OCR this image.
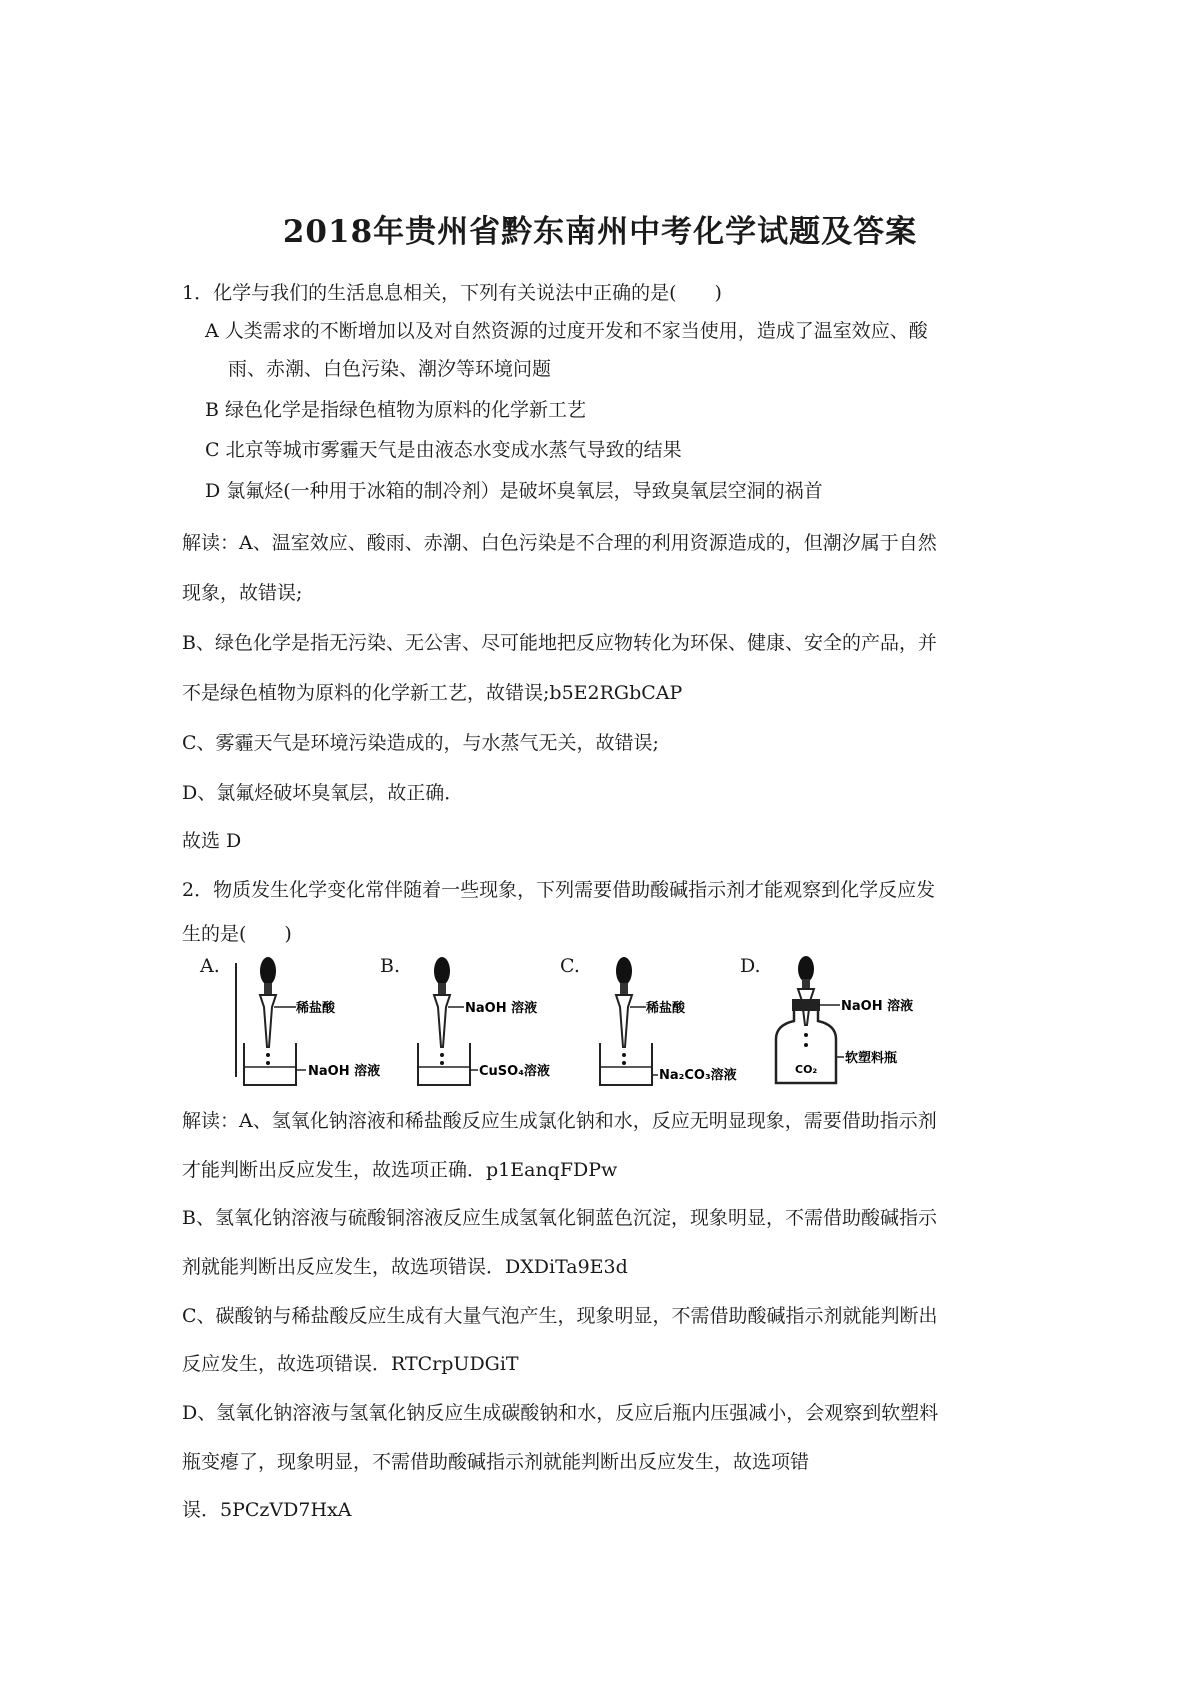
2018年贵州省黔东南州中考化学试题及答案
1．化学与我们的生活息息相关，下列有关说法中正确的是(　　)
A 人类需求的不断增加以及对自然资源的过度开发和不家当使用，造成了温室效应、酸
雨、赤潮、白色污染、潮汐等环境问题
B 绿色化学是指绿色植物为原料的化学新工艺
C 北京等城市雾霾天气是由液态水变成水蒸气导致的结果
D 氯氟烃(一种用于冰箱的制冷剂）是破坏臭氧层，导致臭氧层空洞的祸首
解读：A、温室效应、酸雨、赤潮、白色污染是不合理的利用资源造成的，但潮汐属于自然
现象，故错误;
B、绿色化学是指无污染、无公害、尽可能地把反应物转化为环保、健康、安全的产品，并
不是绿色植物为原料的化学新工艺，故错误;b5E2RGbCAP
C、雾霾天气是环境污染造成的，与水蒸气无关，故错误;
D、氯氟烃破坏臭氧层，故正确．
故选 D
2．物质发生化学变化常伴随着一些现象，下列需要借助酸碱指示剂才能观察到化学反应发
生的是(　　)
A.
稀盐酸
NaOH 溶液
B.
NaOH 溶液
CuSO₄溶液
C.
稀盐酸
Na₂CO₃溶液
D.
NaOH 溶液
软塑料瓶
CO₂
解读：A、氢氧化钠溶液和稀盐酸反应生成氯化钠和水，反应无明显现象，需要借助指示剂
才能判断出反应发生，故选项正确．p1EanqFDPw
B、氢氧化钠溶液与硫酸铜溶液反应生成氢氧化铜蓝色沉淀，现象明显，不需借助酸碱指示
剂就能判断出反应发生，故选项错误．DXDiTa9E3d
C、碳酸钠与稀盐酸反应生成有大量气泡产生，现象明显，不需借助酸碱指示剂就能判断出
反应发生，故选项错误．RTCrpUDGiT
D、氢氧化钠溶液与氢氧化钠反应生成碳酸钠和水，反应后瓶内压强减小，会观察到软塑料
瓶变瘪了，现象明显，不需借助酸碱指示剂就能判断出反应发生，故选项错
误．5PCzVD7HxA
